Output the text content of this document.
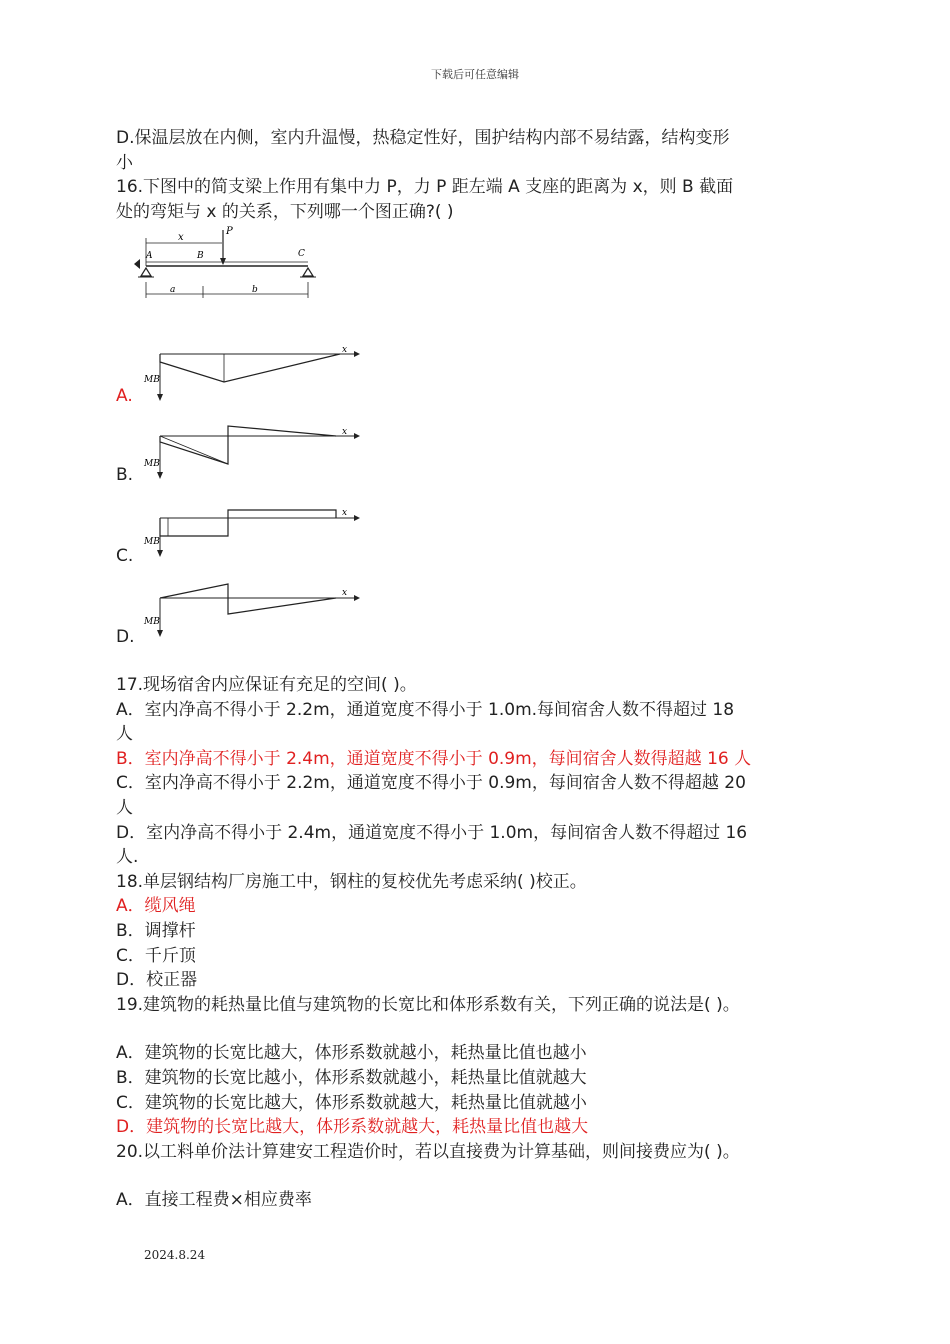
下载后可任意编辑
D.保温层放在内侧，室内升温慢，热稳定性好，围护结构内部不易结露，结构变形
小
16.下图中的简支梁上作用有集中力 P，力 P 距左端 A 支座的距离为 x，则 B 截面
处的弯矩与 x 的关系，下列哪一个图正确?( )
P
x
A	B	C
a	b
x
MB
A.
x
MB
B.
x
MB
C.
x
MB
D.
17.现场宿舍内应保证有充足的空间( )。
A．室内净高不得小于 2.2m，通道宽度不得小于 1.0m.每间宿舍人数不得超过 18
人
B．室内净高不得小于 2.4m，通道宽度不得小于 0.9m，每间宿舍人数得超越 16 人
C．室内净高不得小于 2.2m，通道宽度不得小于 0.9m，每间宿舍人数不得超越 20
人
D．室内净高不得小于 2.4m，通道宽度不得小于 1.0m，每间宿舍人数不得超过 16
人.
18.单层钢结构厂房施工中，钢柱的复校优先考虑采纳( )校正。
A．缆风绳
B．调撑杆
C．千斤顶
D．校正器
19.建筑物的耗热量比值与建筑物的长宽比和体形系数有关，下列正确的说法是( )。
A．建筑物的长宽比越大，体形系数就越小，耗热量比值也越小
B．建筑物的长宽比越小，体形系数就越小，耗热量比值就越大
C．建筑物的长宽比越大，体形系数就越大，耗热量比值就越小
D．建筑物的长宽比越大，体形系数就越大，耗热量比值也越大
20.以工料单价法计算建安工程造价时，若以直接费为计算基础，则间接费应为( )。
A．直接工程费×相应费率
2024.8.24
